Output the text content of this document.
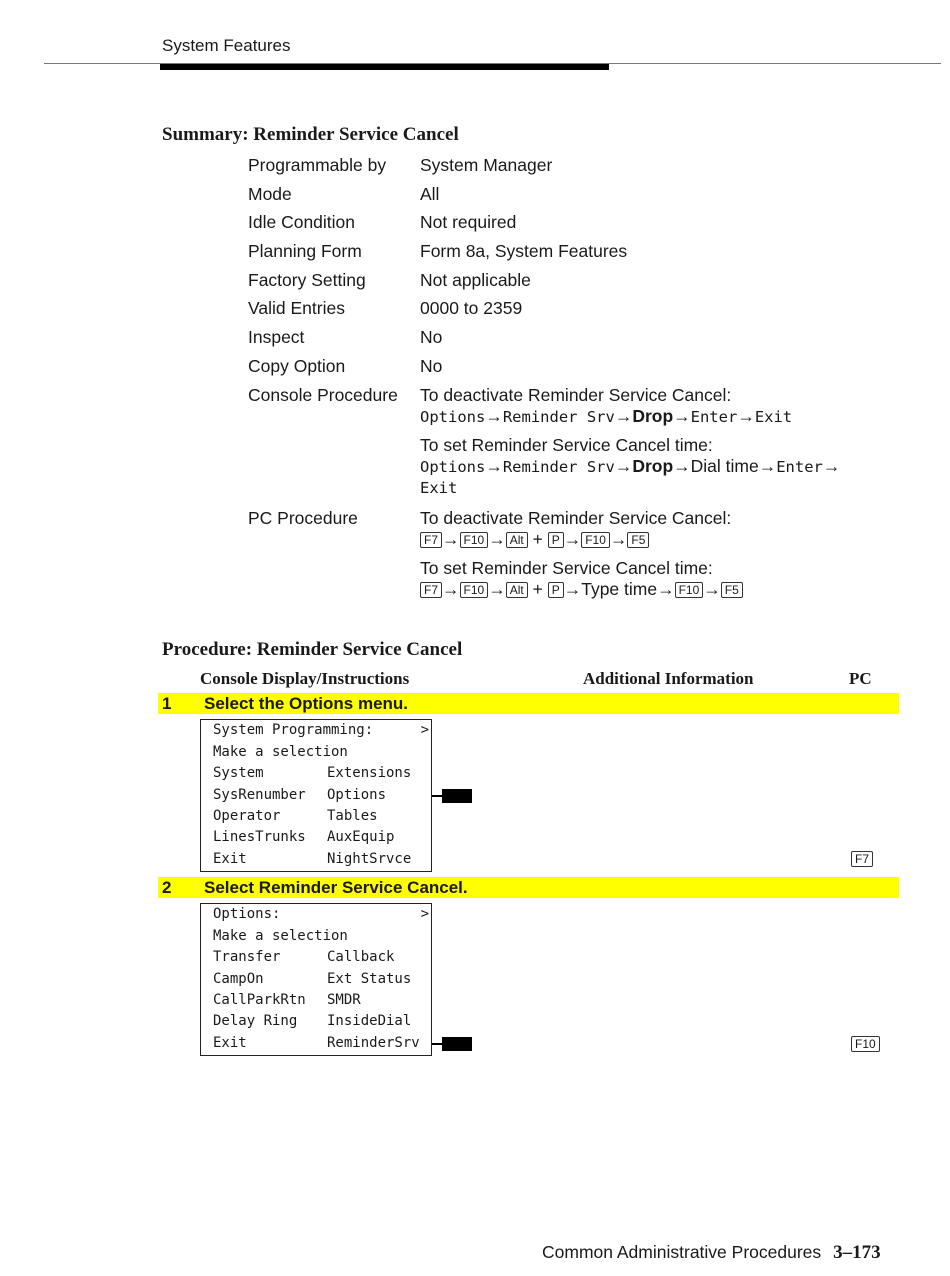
System Features
Summary: Reminder Service Cancel
Programmable by System Manager
Mode	All
Idle Condition	Not required
Planning Form	Form 8a, System Features
Factory Setting	Not applicable
Valid Entries	0000 to 2359
Inspect	No
Copy Option	No
Console Procedure To deactivate Reminder Service Cancel:
Options→Reminder Srv→Drop→Enter→Exit
To set Reminder Service Cancel time:
Options→Reminder Srv→Drop→Dial time→Enter→
Exit
PC Procedure	To deactivate Reminder Service Cancel:
F7 → F10 → Alt + P → F10 → F5
To set Reminder Service Cancel time:
F7 → F10 → Alt + P →Type time→ F10 → F5
Procedure: Reminder Service Cancel
Console Display/Instructions	Additional Information	PC
1 Select the Options menu.
System Programming:	>
Make a selection
System	Extensions
SysRenumber Options
Operator	Tables
LinesTrunks AuxEquip
Exit	NightSrvce	F7
2 Select Reminder Service Cancel.
Options:	>
Make a selection
Transfer	Callback
CampOn	Ext Status
CallParkRtn SMDR
Delay Ring InsideDial
Exit	ReminderSrv	F10
Common Administrative Procedures 3–173
